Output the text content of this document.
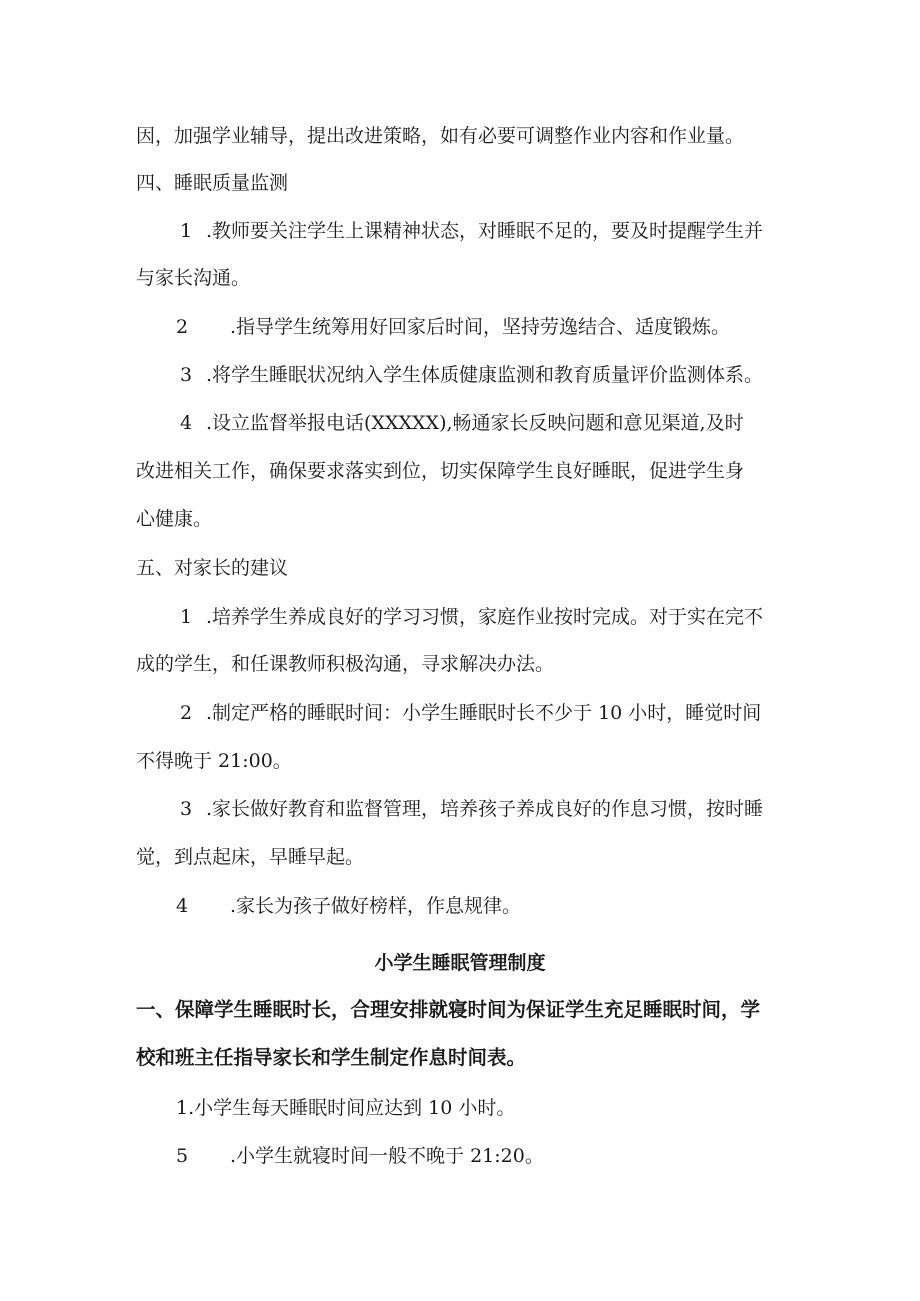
因，加强学业辅导，提出改进策略，如有必要可调整作业内容和作业量。
四、睡眠质量监测
1 .教师要关注学生上课精神状态，对睡眠不足的，要及时提醒学生并
与家长沟通。
2 .指导学生统筹用好回家后时间，坚持劳逸结合、适度锻炼。
3 .将学生睡眠状况纳入学生体质健康监测和教育质量评价监测体系。
4 .设立监督举报电话(XXXXX),畅通家长反映问题和意见渠道,及时
改进相关工作，确保要求落实到位，切实保障学生良好睡眠，促进学生身
心健康。
五、对家长的建议
1 .培养学生养成良好的学习习惯，家庭作业按时完成。对于实在完不
成的学生，和任课教师积极沟通，寻求解决办法。
2 .制定严格的睡眠时间：小学生睡眠时长不少于 10 小时，睡觉时间
不得晚于 21:00。
3 .家长做好教育和监督管理，培养孩子养成良好的作息习惯，按时睡
觉，到点起床，早睡早起。
4 .家长为孩子做好榜样，作息规律。
小学生睡眠管理制度
一、保障学生睡眠时长，合理安排就寝时间为保证学生充足睡眠时间，学
校和班主任指导家长和学生制定作息时间表。
1.小学生每天睡眠时间应达到 10 小时。
5 .小学生就寝时间一般不晚于 21:20。
